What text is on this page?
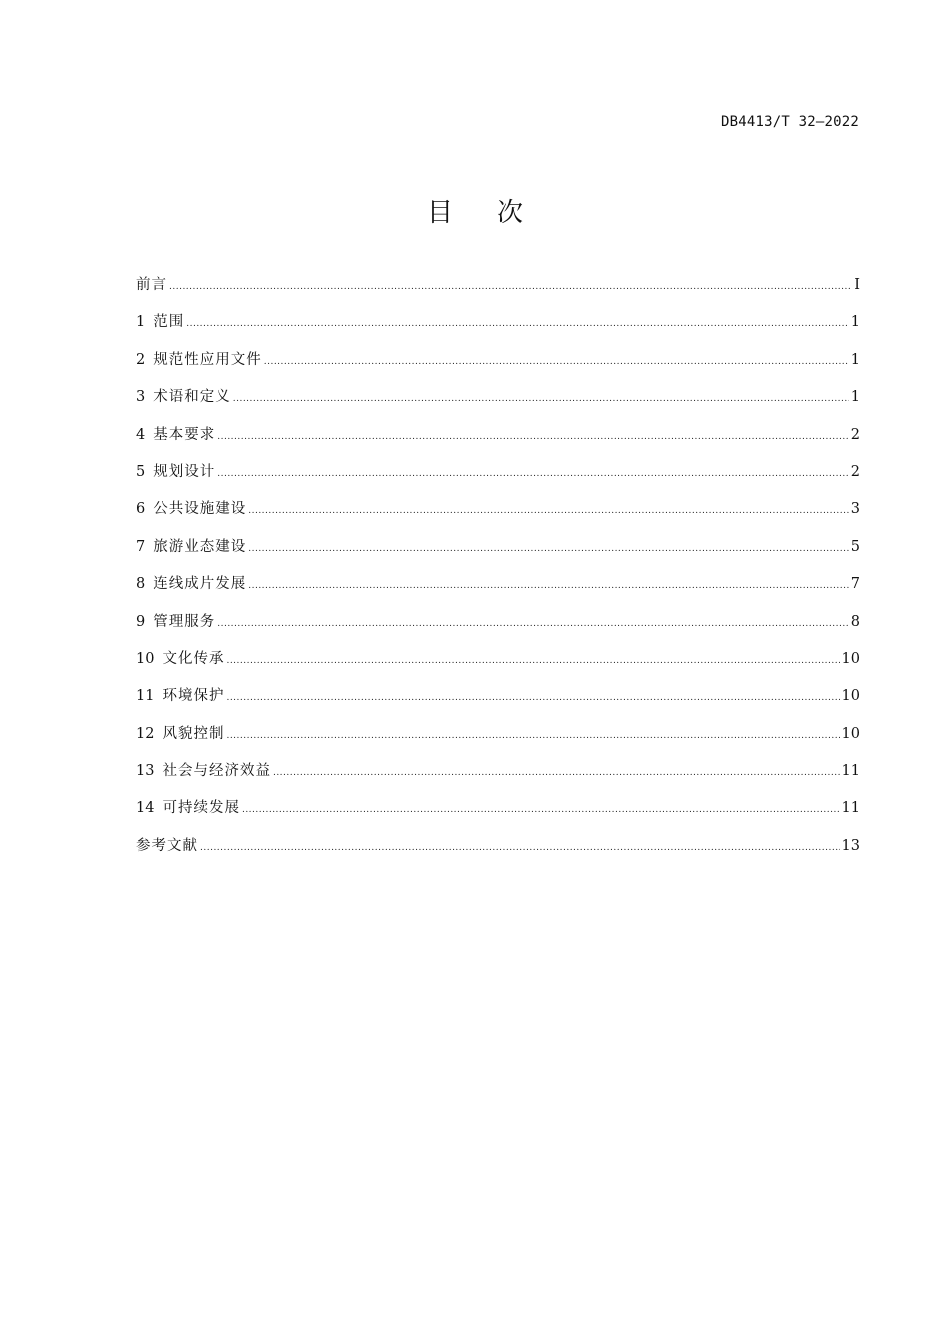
DB4413/T 32—2022
目 次
前言 .....	I
1 范围 .....	1
2 规范性应用文件 .....	1
3 术语和定义 .....	1
4 基本要求 .....	2
5 规划设计 .....	2
6 公共设施建设 .....	3
7 旅游业态建设 .....	5
8 连线成片发展 .....	7
9 管理服务 .....	8
10 文化传承 .....	10
11 环境保护 .....	10
12 风貌控制 .....	10
13 社会与经济效益 .....	11
14 可持续发展 .....	11
参考文献 .....	13
